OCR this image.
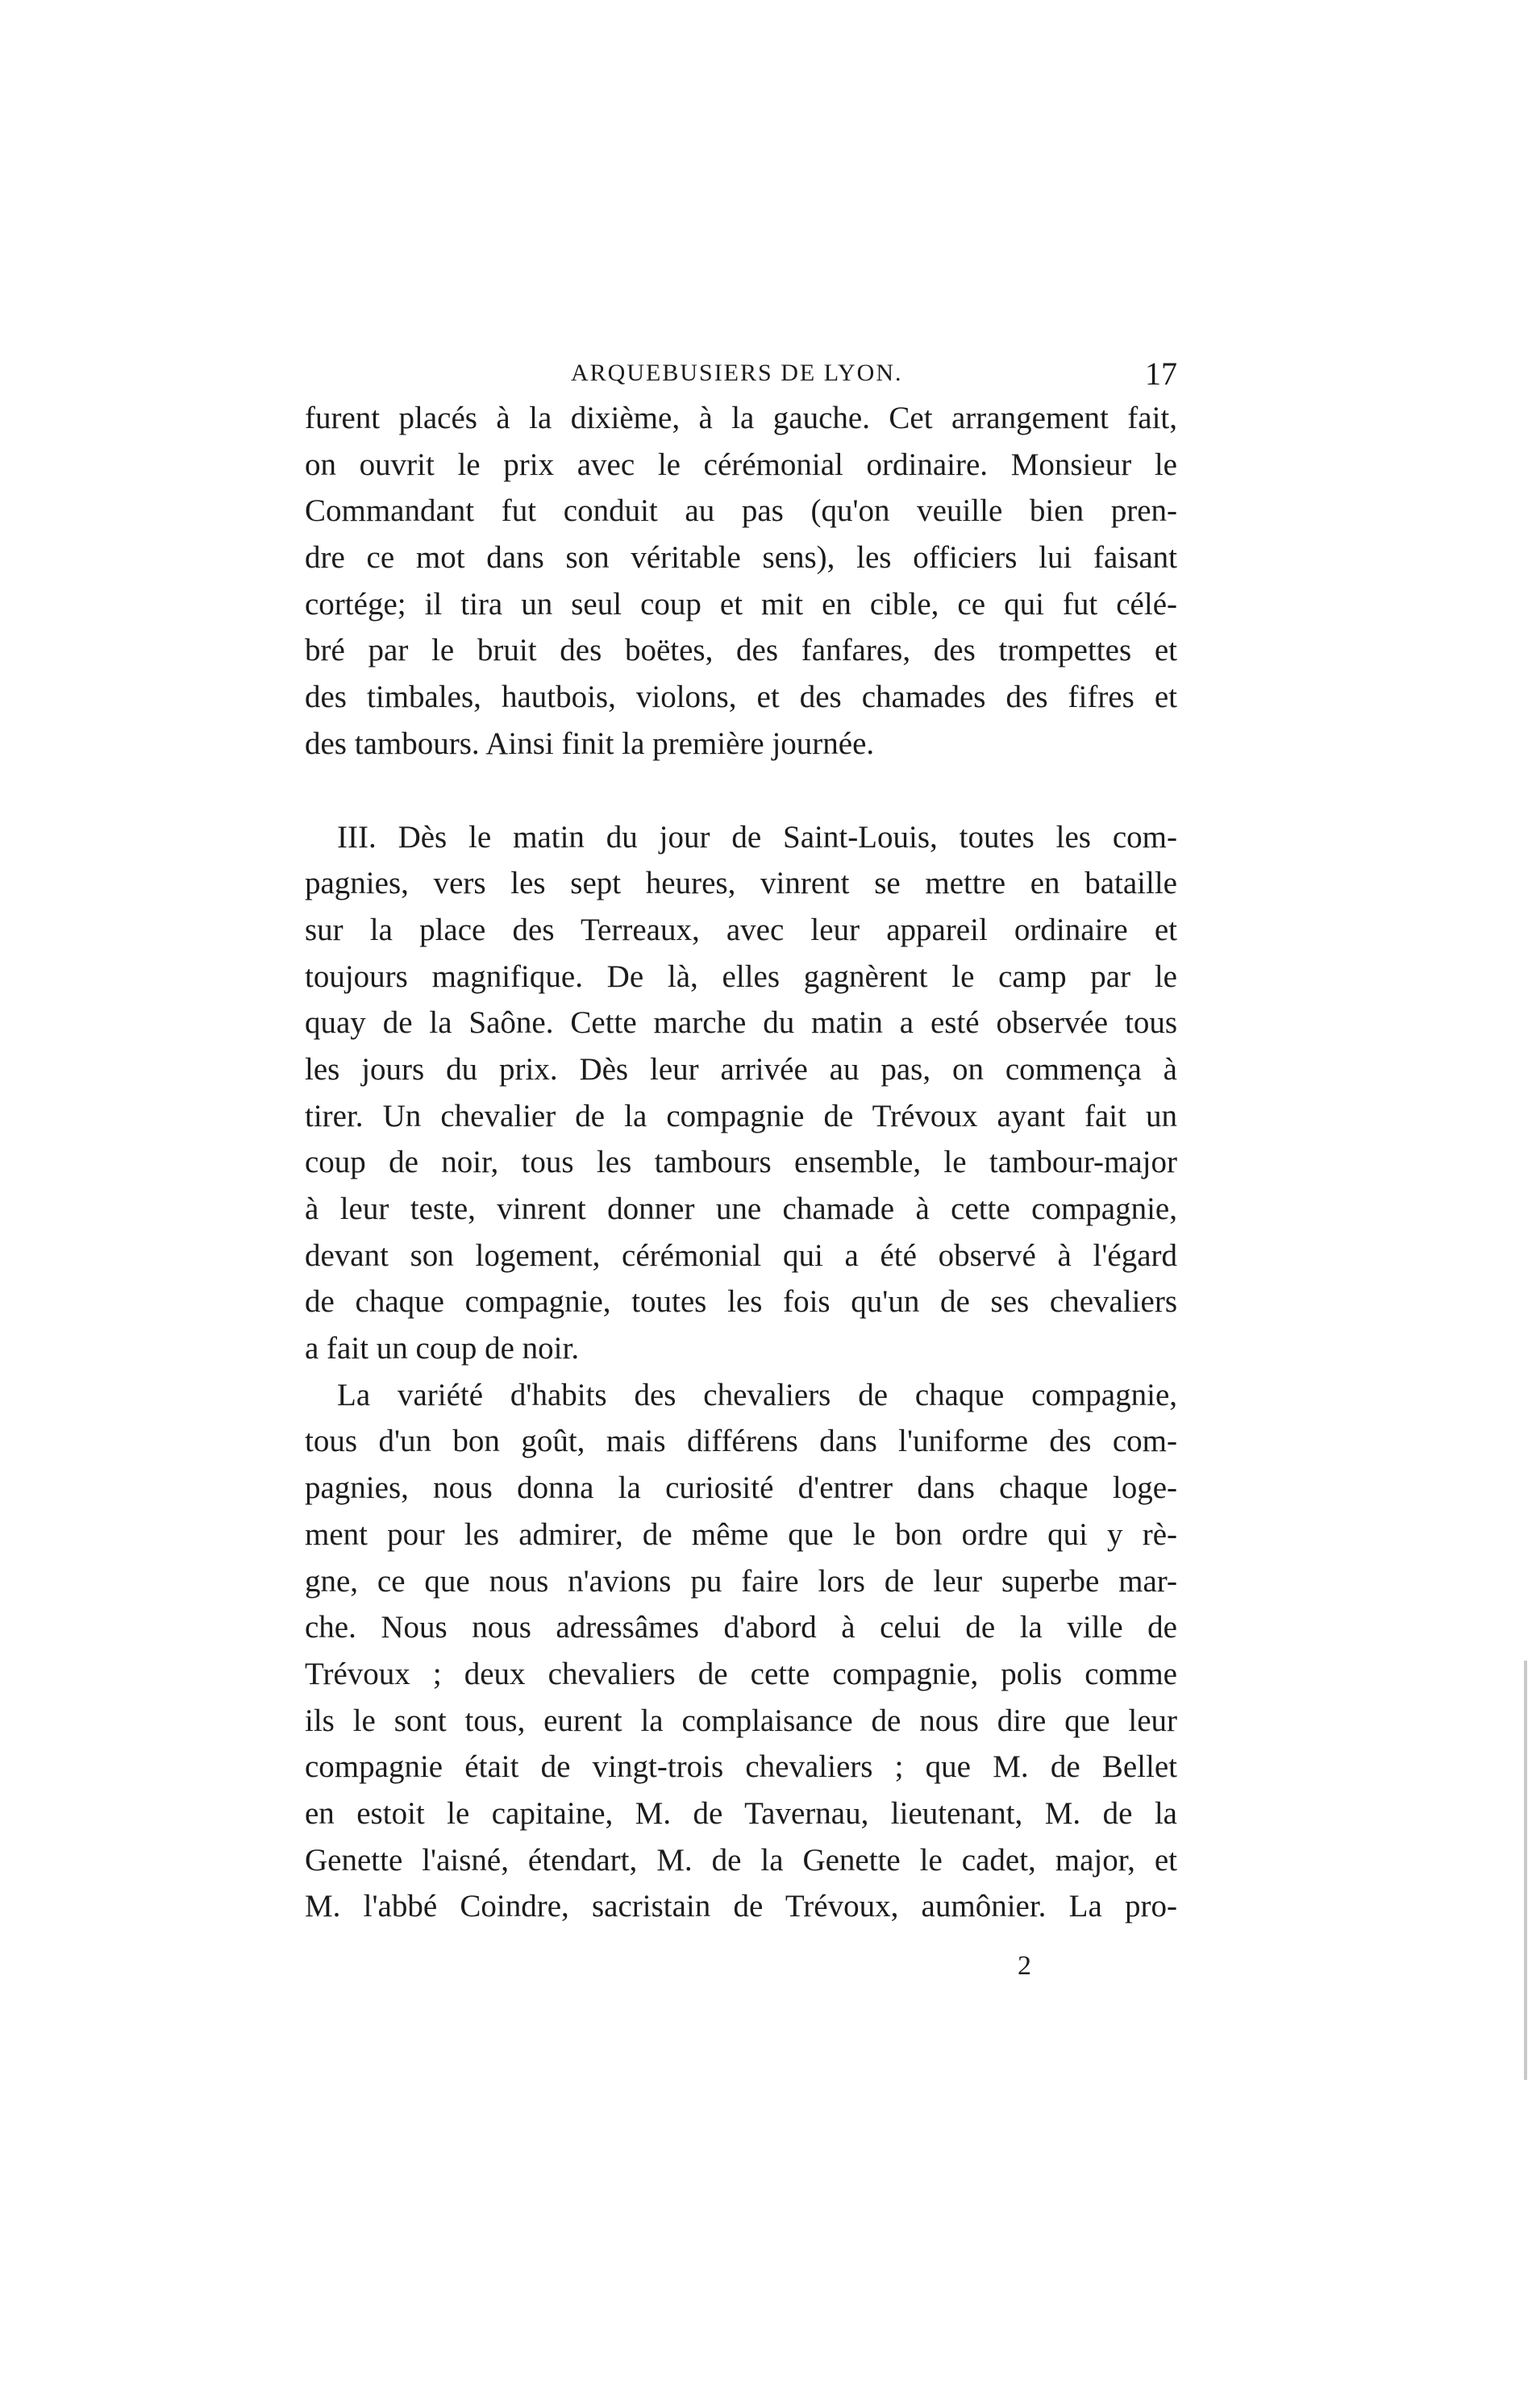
ARQUEBUSIERS DE LYON.	17
furent placés à la dixième, à la gauche. Cet arrangement fait,
on ouvrit le prix avec le cérémonial ordinaire. Monsieur le
Commandant fut conduit au pas (qu'on veuille bien pren-
dre ce mot dans son véritable sens), les officiers lui faisant
cortége; il tira un seul coup et mit en cible, ce qui fut célé-
bré par le bruit des boëtes, des fanfares, des trompettes et
des timbales, hautbois, violons, et des chamades des fifres et
des tambours. Ainsi finit la première journée.
III. Dès le matin du jour de Saint-Louis, toutes les com-
pagnies, vers les sept heures, vinrent se mettre en bataille
sur la place des Terreaux, avec leur appareil ordinaire et
toujours magnifique. De là, elles gagnèrent le camp par le
quay de la Saône. Cette marche du matin a esté observée tous
les jours du prix. Dès leur arrivée au pas, on commença à
tirer. Un chevalier de la compagnie de Trévoux ayant fait un
coup de noir, tous les tambours ensemble, le tambour-major
à leur teste, vinrent donner une chamade à cette compagnie,
devant son logement, cérémonial qui a été observé à l'égard
de chaque compagnie, toutes les fois qu'un de ses chevaliers
a fait un coup de noir.
La variété d'habits des chevaliers de chaque compagnie,
tous d'un bon goût, mais différens dans l'uniforme des com-
pagnies, nous donna la curiosité d'entrer dans chaque loge-
ment pour les admirer, de même que le bon ordre qui y rè-
gne, ce que nous n'avions pu faire lors de leur superbe mar-
che. Nous nous adressâmes d'abord à celui de la ville de
Trévoux ; deux chevaliers de cette compagnie, polis comme
ils le sont tous, eurent la complaisance de nous dire que leur
compagnie était de vingt-trois chevaliers ; que M. de Bellet
en estoit le capitaine, M. de Tavernau, lieutenant, M. de la
Genette l'aisné, étendart, M. de la Genette le cadet, major, et
M. l'abbé Coindre, sacristain de Trévoux, aumônier. La pro-
2
